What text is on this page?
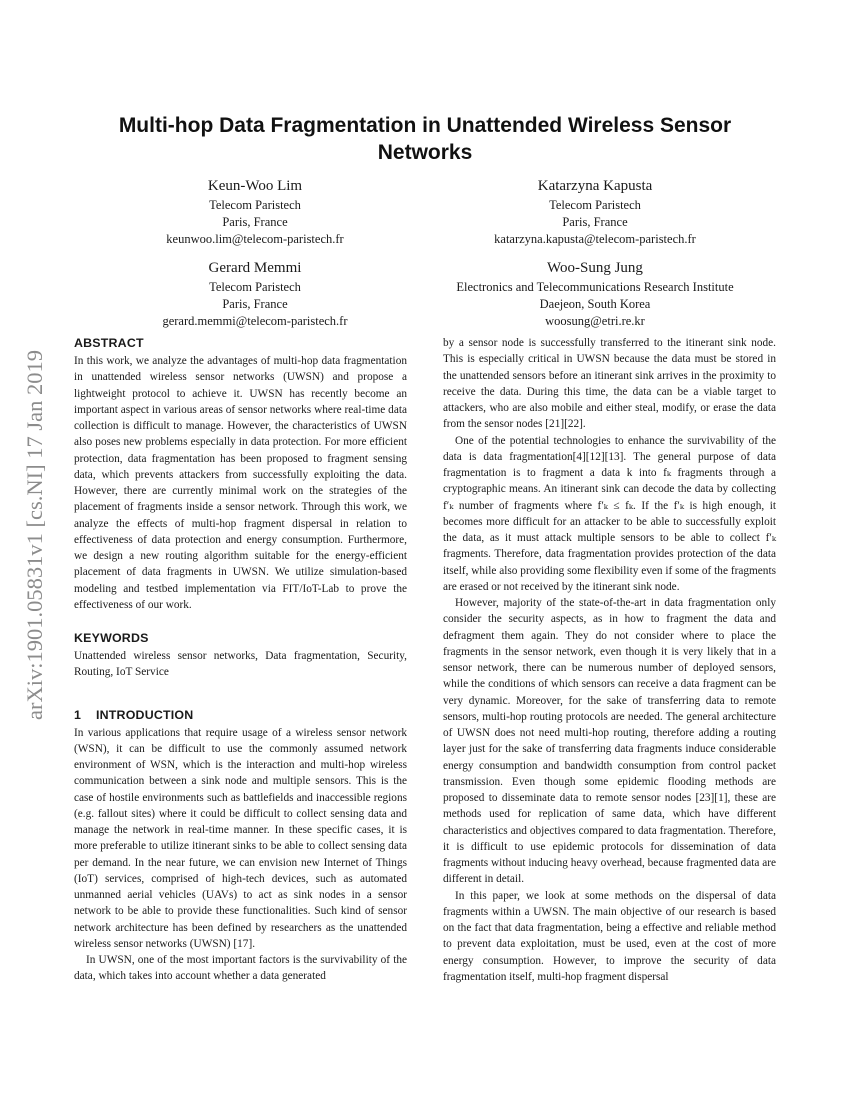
arXiv:1901.05831v1 [cs.NI] 17 Jan 2019
Multi-hop Data Fragmentation in Unattended Wireless Sensor Networks
Keun-Woo Lim
Telecom Paristech
Paris, France
keunwoo.lim@telecom-paristech.fr
Katarzyna Kapusta
Telecom Paristech
Paris, France
katarzyna.kapusta@telecom-paristech.fr
Gerard Memmi
Telecom Paristech
Paris, France
gerard.memmi@telecom-paristech.fr
Woo-Sung Jung
Electronics and Telecommunications Research Institute
Daejeon, South Korea
woosung@etri.re.kr
ABSTRACT

In this work, we analyze the advantages of multi-hop data fragmentation in unattended wireless sensor networks (UWSN) and propose a lightweight protocol to achieve it. UWSN has recently become an important aspect in various areas of sensor networks where real-time data collection is difficult to manage. However, the characteristics of UWSN also poses new problems especially in data protection. For more efficient protection, data fragmentation has been proposed to fragment sensing data, which prevents attackers from successfully exploiting the data. However, there are currently minimal work on the strategies of the placement of fragments inside a sensor network. Through this work, we analyze the effects of multi-hop fragment dispersal in relation to effectiveness of data protection and energy consumption. Furthermore, we design a new routing algorithm suitable for the energy-efficient placement of data fragments in UWSN. We utilize simulation-based modeling and testbed implementation via FIT/IoT-Lab to prove the effectiveness of our work.

KEYWORDS

Unattended wireless sensor networks, Data fragmentation, Security, Routing, IoT Service

1 INTRODUCTION

In various applications that require usage of a wireless sensor network (WSN), it can be difficult to use the commonly assumed network environment of WSN, which is the interaction and multi-hop wireless communication between a sink node and multiple sensors. This is the case of hostile environments such as battlefields and inaccessible regions (e.g. fallout sites) where it could be difficult to collect sensing data and manage the network in real-time manner. In these specific cases, it is more preferable to utilize itinerant sinks to be able to collect sensing data per demand. In the near future, we can envision new Internet of Things (IoT) services, comprised of high-tech devices, such as automated unmanned aerial vehicles (UAVs) to act as sink nodes in a sensor network to be able to provide these functionalities. Such kind of sensor network architecture has been defined by researchers as the unattended wireless sensor networks (UWSN) [17].

In UWSN, one of the most important factors is the survivability of the data, which takes into account whether a data generated

by a sensor node is successfully transferred to the itinerant sink node. This is especially critical in UWSN because the data must be stored in the unattended sensors before an itinerant sink arrives in the proximity to receive the data. During this time, the data can be a viable target to attackers, who are also mobile and either steal, modify, or erase the data from the sensor nodes [21][22].

One of the potential technologies to enhance the survivability of the data is data fragmentation[4][12][13]. The general purpose of data fragmentation is to fragment a data k into fₖ fragments through a cryptographic means. An itinerant sink can decode the data by collecting f′ₖ number of fragments where f′ₖ ≤ fₖ. If the f′ₖ is high enough, it becomes more difficult for an attacker to be able to successfully exploit the data, as it must attack multiple sensors to be able to collect f′ₖ fragments. Therefore, data fragmentation provides protection of the data itself, while also providing some flexibility even if some of the fragments are erased or not received by the itinerant sink node.

However, majority of the state-of-the-art in data fragmentation only consider the security aspects, as in how to fragment the data and defragment them again. They do not consider where to place the fragments in the sensor network, even though it is very likely that in a sensor network, there can be numerous number of deployed sensors, while the conditions of which sensors can receive a data fragment can be very dynamic. Moreover, for the sake of transferring data to remote sensors, multi-hop routing protocols are needed. The general architecture of UWSN does not need multi-hop routing, therefore adding a routing layer just for the sake of transferring data fragments induce considerable energy consumption and bandwidth consumption from control packet transmission. Even though some epidemic flooding methods are proposed to disseminate data to remote sensor nodes [23][1], these are methods used for replication of same data, which have different characteristics and objectives compared to data fragmentation. Therefore, it is difficult to use epidemic protocols for dissemination of data fragments without inducing heavy overhead, because fragmented data are different in detail.

In this paper, we look at some methods on the dispersal of data fragments within a UWSN. The main objective of our research is based on the fact that data fragmentation, being a effective and reliable method to prevent data exploitation, must be used, even at the cost of more energy consumption. However, to improve the security of data fragmentation itself, multi-hop fragment dispersal
